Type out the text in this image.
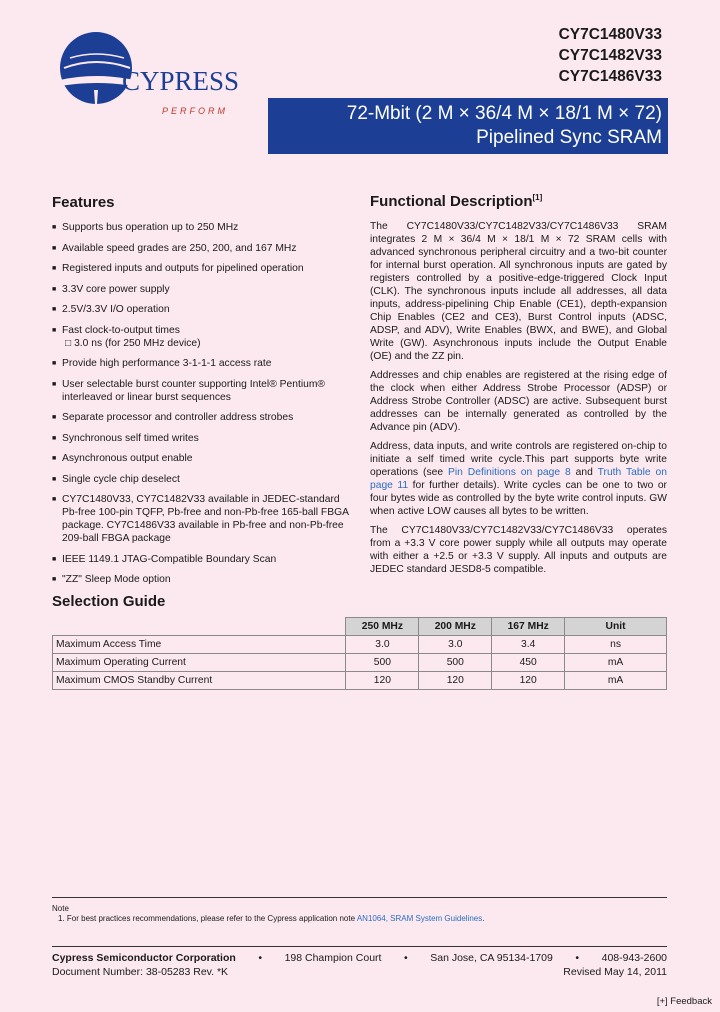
CYPRESS
PERFORM
CY7C1480V33
CY7C1482V33
CY7C1486V33
72-Mbit (2 M × 36/4 M × 18/1 M × 72)
Pipelined Sync SRAM
Features
■ Supports bus operation up to 250 MHz
■ Available speed grades are 250, 200, and 167 MHz
■ Registered inputs and outputs for pipelined operation
■ 3.3V core power supply
■ 2.5V/3.3V I/O operation
■ Fast clock-to-output times
□ 3.0 ns (for 250 MHz device)
■ Provide high performance 3-1-1-1 access rate
■ User selectable burst counter supporting Intel® Pentium® interleaved or linear burst sequences
■ Separate processor and controller address strobes
■ Synchronous self timed writes
■ Asynchronous output enable
■ Single cycle chip deselect
■ CY7C1480V33, CY7C1482V33 available in JEDEC-standard Pb-free 100-pin TQFP, Pb-free and non-Pb-free 165-ball FBGA package. CY7C1486V33 available in Pb-free and non-Pb-free 209-ball FBGA package
■ IEEE 1149.1 JTAG-Compatible Boundary Scan
■ "ZZ" Sleep Mode option
Functional Description[1]

The CY7C1480V33/CY7C1482V33/CY7C1486V33 SRAM integrates 2 M × 36/4 M × 18/1 M × 72 SRAM cells with advanced synchronous peripheral circuitry and a two-bit counter for internal burst operation. All synchronous inputs are gated by registers controlled by a positive-edge-triggered Clock Input (CLK). The synchronous inputs include all addresses, all data inputs, address-pipelining Chip Enable (CE1), depth-expansion Chip Enables (CE2 and CE3), Burst Control inputs (ADSC, ADSP, and ADV), Write Enables (BWX, and BWE), and Global Write (GW). Asynchronous inputs include the Output Enable (OE) and the ZZ pin.

Addresses and chip enables are registered at the rising edge of the clock when either Address Strobe Processor (ADSP) or Address Strobe Controller (ADSC) are active. Subsequent burst addresses can be internally generated as controlled by the Advance pin (ADV).

Address, data inputs, and write controls are registered on-chip to initiate a self timed write cycle.This part supports byte write operations (see Pin Definitions on page 8 and Truth Table on page 11 for further details). Write cycles can be one to two or four bytes wide as controlled by the byte write control inputs. GW when active LOW causes all bytes to be written.

The CY7C1480V33/CY7C1482V33/CY7C1486V33 operates from a +3.3 V core power supply while all outputs may operate with either a +2.5 or +3.3 V supply. All inputs and outputs are JEDEC standard JESD8-5 compatible.

Selection Guide
	250 MHz	200 MHz	167 MHz	Unit
Maximum Access Time	3.0	3.0	3.4	ns
Maximum Operating Current	500	500	450	mA
Maximum CMOS Standby Current	120	120	120	mA
Note
1. For best practices recommendations, please refer to the Cypress application note AN1064, SRAM System Guidelines.
Cypress Semiconductor Corporation • 198 Champion Court • San Jose, CA 95134-1709 • 408-943-2600
Document Number: 38-05283 Rev. *K	Revised May 14, 2011
[+] Feedback
